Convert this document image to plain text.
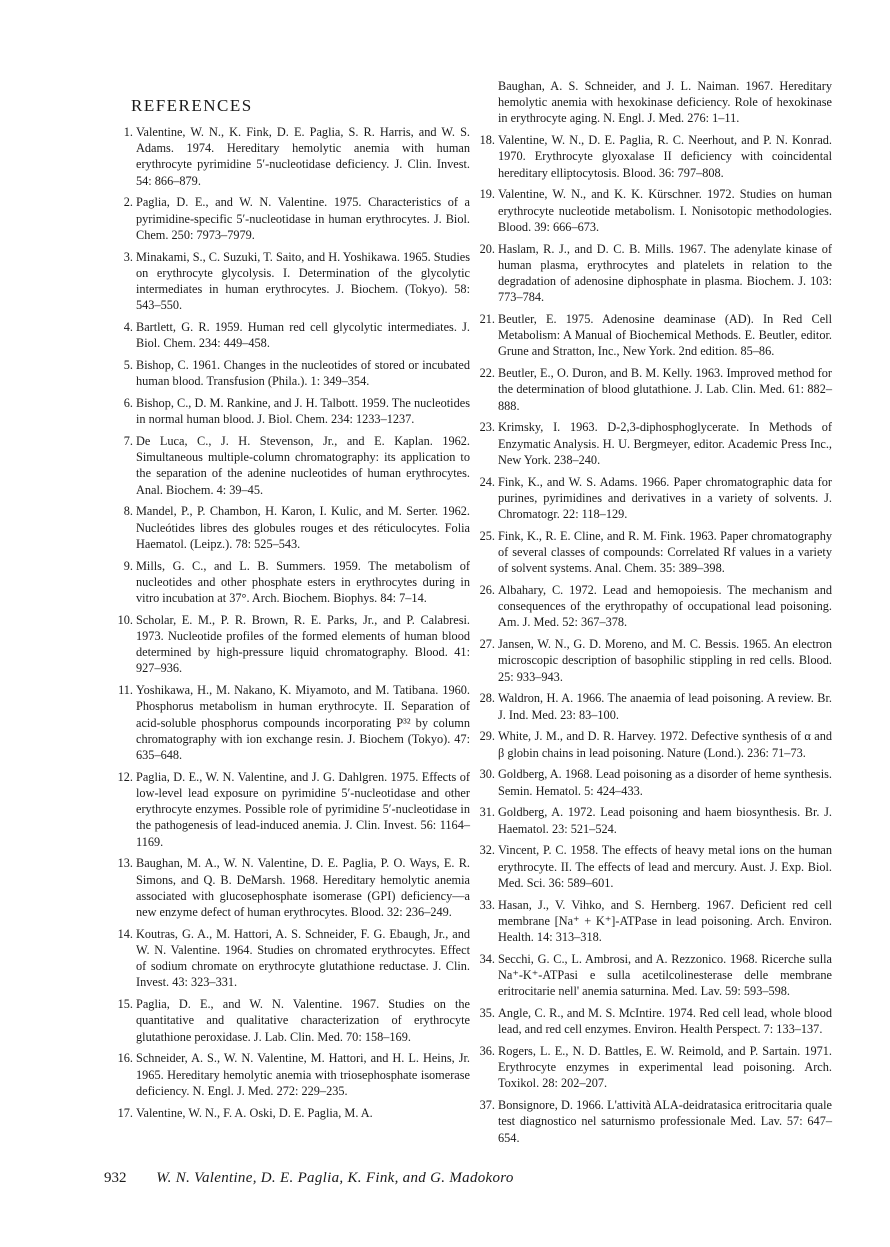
REFERENCES
1. Valentine, W. N., K. Fink, D. E. Paglia, S. R. Harris, and W. S. Adams. 1974. Hereditary hemolytic anemia with human erythrocyte pyrimidine 5′-nucleotidase deficiency. J. Clin. Invest. 54: 866–879.
2. Paglia, D. E., and W. N. Valentine. 1975. Characteristics of a pyrimidine-specific 5′-nucleotidase in human erythrocytes. J. Biol. Chem. 250: 7973–7979.
3. Minakami, S., C. Suzuki, T. Saito, and H. Yoshikawa. 1965. Studies on erythrocyte glycolysis. I. Determination of the glycolytic intermediates in human erythrocytes. J. Biochem. (Tokyo). 58: 543–550.
4. Bartlett, G. R. 1959. Human red cell glycolytic intermediates. J. Biol. Chem. 234: 449–458.
5. Bishop, C. 1961. Changes in the nucleotides of stored or incubated human blood. Transfusion (Phila.). 1: 349–354.
6. Bishop, C., D. M. Rankine, and J. H. Talbott. 1959. The nucleotides in normal human blood. J. Biol. Chem. 234: 1233–1237.
7. De Luca, C., J. H. Stevenson, Jr., and E. Kaplan. 1962. Simultaneous multiple-column chromatography: its application to the separation of the adenine nucleotides of human erythrocytes. Anal. Biochem. 4: 39–45.
8. Mandel, P., P. Chambon, H. Karon, I. Kulic, and M. Serter. 1962. Nucleótides libres des globules rouges et des réticulocytes. Folia Haematol. (Leipz.). 78: 525–543.
9. Mills, G. C., and L. B. Summers. 1959. The metabolism of nucleotides and other phosphate esters in erythrocytes during in vitro incubation at 37°. Arch. Biochem. Biophys. 84: 7–14.
10. Scholar, E. M., P. R. Brown, R. E. Parks, Jr., and P. Calabresi. 1973. Nucleotide profiles of the formed elements of human blood determined by high-pressure liquid chromatography. Blood. 41: 927–936.
11. Yoshikawa, H., M. Nakano, K. Miyamoto, and M. Tatibana. 1960. Phosphorus metabolism in human erythrocyte. II. Separation of acid-soluble phosphorus compounds incorporating P³² by column chromatography with ion exchange resin. J. Biochem (Tokyo). 47: 635–648.
12. Paglia, D. E., W. N. Valentine, and J. G. Dahlgren. 1975. Effects of low-level lead exposure on pyrimidine 5′-nucleotidase and other erythrocyte enzymes. Possible role of pyrimidine 5′-nucleotidase in the pathogenesis of lead-induced anemia. J. Clin. Invest. 56: 1164–1169.
13. Baughan, M. A., W. N. Valentine, D. E. Paglia, P. O. Ways, E. R. Simons, and Q. B. DeMarsh. 1968. Hereditary hemolytic anemia associated with glucosephosphate isomerase (GPI) deficiency—a new enzyme defect of human erythrocytes. Blood. 32: 236–249.
14. Koutras, G. A., M. Hattori, A. S. Schneider, F. G. Ebaugh, Jr., and W. N. Valentine. 1964. Studies on chromated erythrocytes. Effect of sodium chromate on erythrocyte glutathione reductase. J. Clin. Invest. 43: 323–331.
15. Paglia, D. E., and W. N. Valentine. 1967. Studies on the quantitative and qualitative characterization of erythrocyte glutathione peroxidase. J. Lab. Clin. Med. 70: 158–169.
16. Schneider, A. S., W. N. Valentine, M. Hattori, and H. L. Heins, Jr. 1965. Hereditary hemolytic anemia with triosephosphate isomerase deficiency. N. Engl. J. Med. 272: 229–235.
17. Valentine, W. N., F. A. Oski, D. E. Paglia, M. A.
Baughan, A. S. Schneider, and J. L. Naiman. 1967. Hereditary hemolytic anemia with hexokinase deficiency. Role of hexokinase in erythrocyte aging. N. Engl. J. Med. 276: 1–11.
18. Valentine, W. N., D. E. Paglia, R. C. Neerhout, and P. N. Konrad. 1970. Erythrocyte glyoxalase II deficiency with coincidental hereditary elliptocytosis. Blood. 36: 797–808.
19. Valentine, W. N., and K. K. Kürschner. 1972. Studies on human erythrocyte nucleotide metabolism. I. Nonisotopic methodologies. Blood. 39: 666–673.
20. Haslam, R. J., and D. C. B. Mills. 1967. The adenylate kinase of human plasma, erythrocytes and platelets in relation to the degradation of adenosine diphosphate in plasma. Biochem. J. 103: 773–784.
21. Beutler, E. 1975. Adenosine deaminase (AD). In Red Cell Metabolism: A Manual of Biochemical Methods. E. Beutler, editor. Grune and Stratton, Inc., New York. 2nd edition. 85–86.
22. Beutler, E., O. Duron, and B. M. Kelly. 1963. Improved method for the determination of blood glutathione. J. Lab. Clin. Med. 61: 882–888.
23. Krimsky, I. 1963. D-2,3-diphosphoglycerate. In Methods of Enzymatic Analysis. H. U. Bergmeyer, editor. Academic Press Inc., New York. 238–240.
24. Fink, K., and W. S. Adams. 1966. Paper chromatographic data for purines, pyrimidines and derivatives in a variety of solvents. J. Chromatogr. 22: 118–129.
25. Fink, K., R. E. Cline, and R. M. Fink. 1963. Paper chromatography of several classes of compounds: Correlated Rf values in a variety of solvent systems. Anal. Chem. 35: 389–398.
26. Albahary, C. 1972. Lead and hemopoiesis. The mechanism and consequences of the erythropathy of occupational lead poisoning. Am. J. Med. 52: 367–378.
27. Jansen, W. N., G. D. Moreno, and M. C. Bessis. 1965. An electron microscopic description of basophilic stippling in red cells. Blood. 25: 933–943.
28. Waldron, H. A. 1966. The anaemia of lead poisoning. A review. Br. J. Ind. Med. 23: 83–100.
29. White, J. M., and D. R. Harvey. 1972. Defective synthesis of α and β globin chains in lead poisoning. Nature (Lond.). 236: 71–73.
30. Goldberg, A. 1968. Lead poisoning as a disorder of heme synthesis. Semin. Hematol. 5: 424–433.
31. Goldberg, A. 1972. Lead poisoning and haem biosynthesis. Br. J. Haematol. 23: 521–524.
32. Vincent, P. C. 1958. The effects of heavy metal ions on the human erythrocyte. II. The effects of lead and mercury. Aust. J. Exp. Biol. Med. Sci. 36: 589–601.
33. Hasan, J., V. Vihko, and S. Hernberg. 1967. Deficient red cell membrane [Na⁺ + K⁺]-ATPase in lead poisoning. Arch. Environ. Health. 14: 313–318.
34. Secchi, G. C., L. Ambrosi, and A. Rezzonico. 1968. Ricerche sulla Na⁺-K⁺-ATPasi e sulla acetilcolinesterase delle membrane eritrocitarie nell' anemia saturnina. Med. Lav. 59: 593–598.
35. Angle, C. R., and M. S. McIntire. 1974. Red cell lead, whole blood lead, and red cell enzymes. Environ. Health Perspect. 7: 133–137.
36. Rogers, L. E., N. D. Battles, E. W. Reimold, and P. Sartain. 1971. Erythrocyte enzymes in experimental lead poisoning. Arch. Toxikol. 28: 202–207.
37. Bonsignore, D. 1966. L'attività ALA-deidratasica eritrocitaria quale test diagnostico nel saturnismo professionale Med. Lav. 57: 647–654.
932 W. N. Valentine, D. E. Paglia, K. Fink, and G. Madokoro
